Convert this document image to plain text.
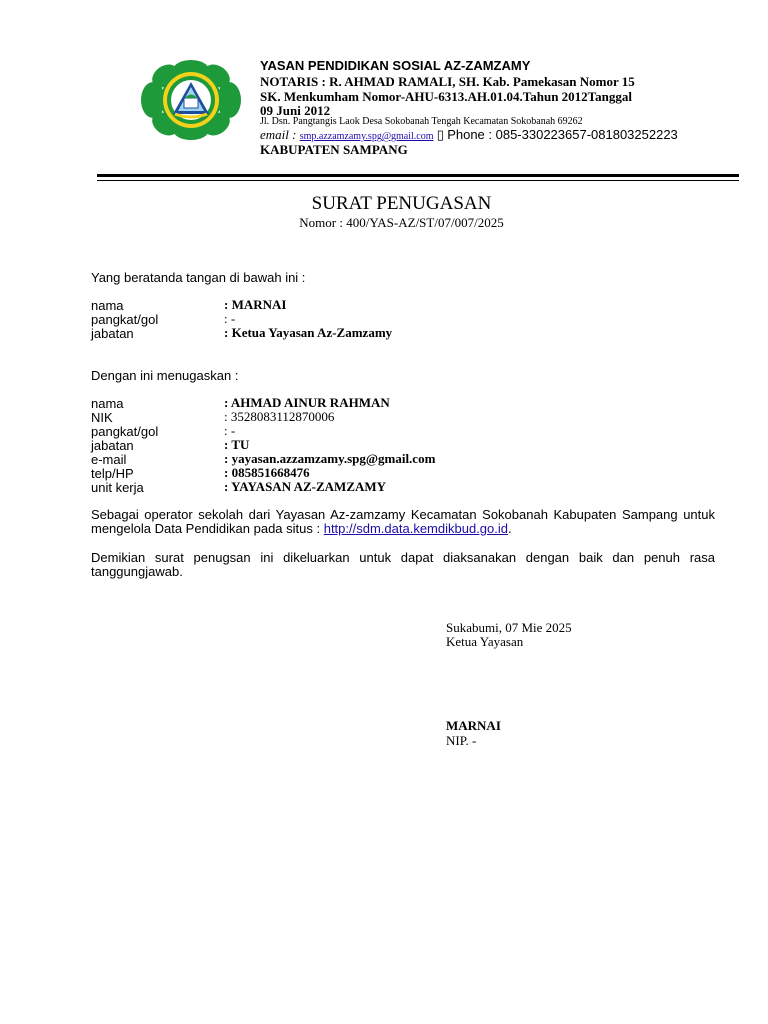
YASAN PENDIDIKAN SOSIAL AZ-ZAMZAMY
NOTARIS : R. AHMAD RAMALI, SH. Kab. Pamekasan Nomor 15
SK. Menkumham Nomor-AHU-6313.AH.01.04.Tahun 2012Tanggal
09 Juni 2012
Jl. Dsn. Pangtangis Laok Desa Sokobanah Tengah Kecamatan Sokobanah 69262
email : smp.azzamzamy.spg@gmail.com ▯ Phone : 085-330223657-081803252223
KABUPATEN SAMPANG
SURAT PENUGASAN
Nomor : 400/YAS-AZ/ST/07/007/2025
Yang beratanda tangan di bawah ini :
nama	: MARNAI
pangkat/gol	: -
jabatan	: Ketua Yayasan Az-Zamzamy
Dengan ini menugaskan :
nama	: AHMAD AINUR RAHMAN
NIK	: 3528083112870006
pangkat/gol	: -
jabatan	: TU
e-mail	: yayasan.azzamzamy.spg@gmail.com
telp/HP	: 085851668476
unit kerja	: YAYASAN AZ-ZAMZAMY
Sebagai operator sekolah dari Yayasan Az-zamzamy Kecamatan Sokobanah Kabupaten Sampang untuk mengelola Data Pendidikan pada situs : http://sdm.data.kemdikbud.go.id.
Demikian surat penugsan ini dikeluarkan untuk dapat diaksanakan dengan baik dan penuh rasa tanggungjawab.
Sukabumi, 07 Mie 2025
Ketua Yayasan
MARNAI
NIP. -
